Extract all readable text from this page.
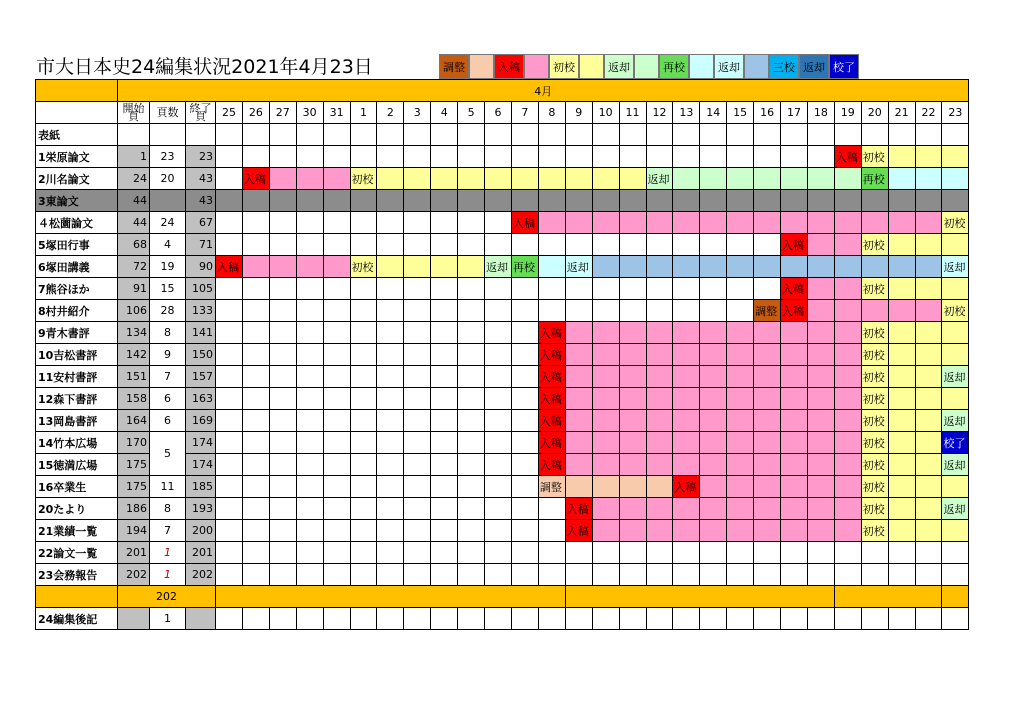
市大日本史24編集状況2021年4月23日	調整	入稿	初校	返却	再校	返却	三校 返却 校了
	4月																														
	開始頁	頁数	終了頁	25	26	27	30	31	1	2	3	4	5	6	7	8	9	10	11	12	13	14	15	16	17	18	19	20	21	22	23
表紙																															
1栄原論文	1	23	23																								入稿	初校			
2川名論文	24	20	43		入稿				初校											返却								再校			
3東論文	44		43																												
４松薗論文	44	24	67												入稿																初校
5塚田行事	68	4	71																						入稿			初校			
6塚田講義	72	19	90	入稿					初校					返却	再校		返却														返却
7熊谷ほか	91	15	105																						入稿			初校			
8村井紹介	106	28	133																					調整	入稿						初校
9青木書評	134	8	141													入稿												初校			
10吉松書評	142	9	150													入稿												初校			
11安村書評	151	7	157													入稿												初校			返却
12森下書評	158	6	163													入稿												初校			
13岡島書評	164	6	169													入稿												初校			返却
14竹本広場	170	5	174													入稿												初校			校了
15徳満広場	175		174													入稿												初校			返却
16卒業生	175	11	185													調整					入稿							初校			
20たより	186	8	193														入稿											初校			返却
21業績一覧	194	7	200														入稿											初校			
22論文一覧	201	1	201																												
23会務報告	202	1	202																												
	202																														
24編集後記		1																													
